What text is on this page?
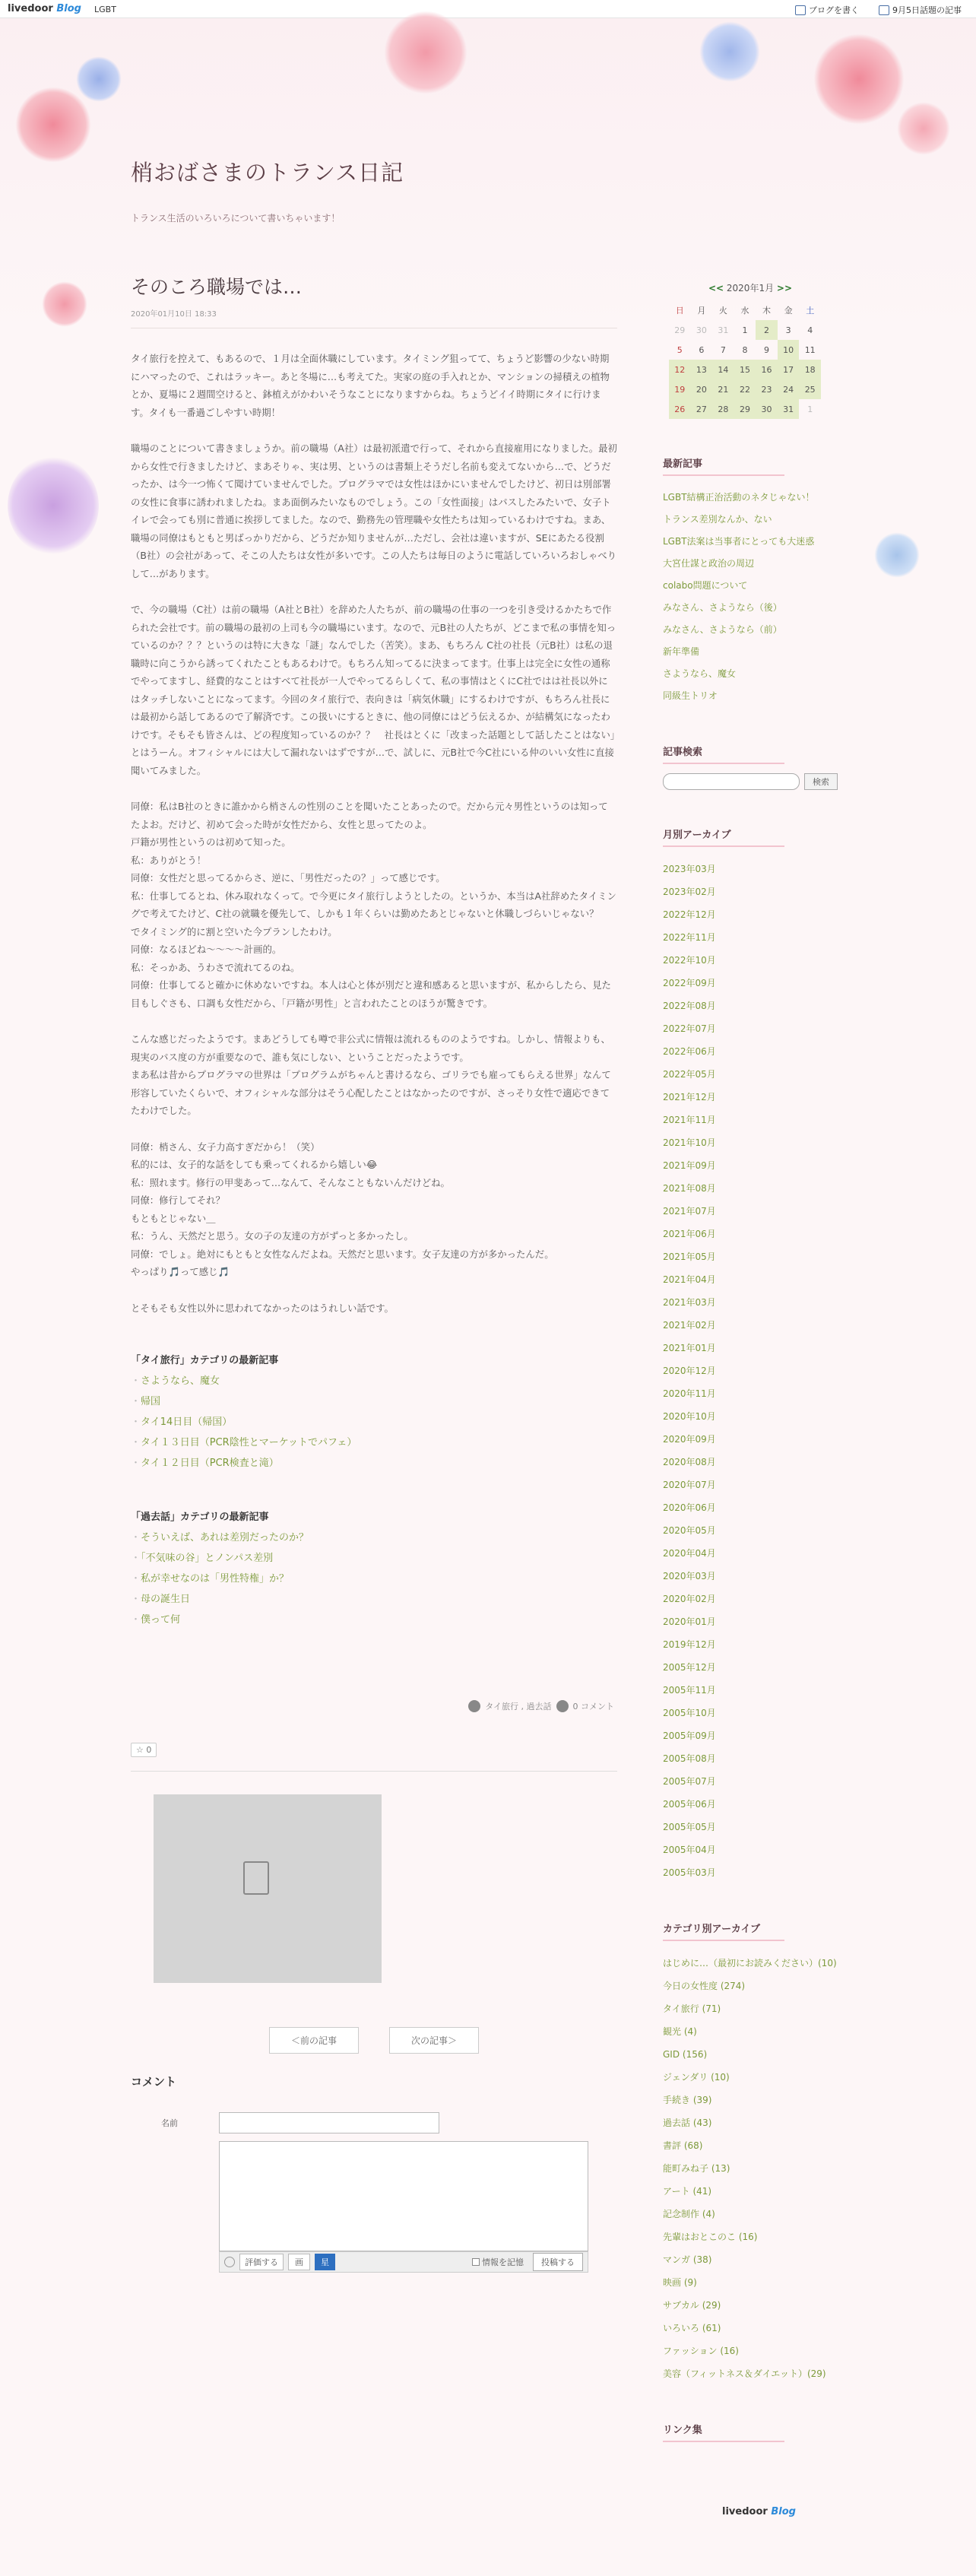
livedoor Blog LGBT	ブログを書く	9月5日話題の記事
梢おばさまのトランス日記
トランス生活のいろいろについて書いちゃいます！
そのころ職場では…
2020年01月10日 18:33

タイ旅行を控えて、もあるので、１月は全面休職にしています。タイミング狙ってて、ちょうど影響の少ない時期にハマったので、これはラッキー。あと冬場に…も考えてた。実家の庭の手入れとか、マンションの掃積えの植物とか、夏場に２週間空けると、鉢植えがかわいそうなことになりますからね。ちょうどイイ時期にタイに行けます。タイも一番過ごしやすい時期！

職場のことについて書きましょうか。前の職場（A社）は最初派遣で行って、それから直接雇用になりました。最初から女性で行きましたけど、まあそりゃ、実は男、というのは書類上そうだし名前も変えてないから…で、どうだったか、は今一つ怖くて聞けていませんでした。プログラマでは女性はほかにいませんでしたけど、初日は別部署の女性に食事に誘われましたね。まあ面倒みたいなものでしょう。この「女性面接」はパスしたみたいで、女子トイレで会っても別に普通に挨拶してました。なので、勤務先の管理職や女性たちは知っているわけですね。まあ、職場の同僚はもともと男ばっかりだから、どうだか知りませんが…ただし、会社は違いますが、SEにあたる役割（B社）の会社があって、そこの人たちは女性が多いです。この人たちは毎日のように電話していろいろおしゃべりして…があります。

で、今の職場（C社）は前の職場（A社とB社）を辞めた人たちが、前の職場の仕事の一つを引き受けるかたちで作られた会社です。前の職場の最初の上司も今の職場にいます。なので、元B社の人たちが、どこまで私の事情を知っているのか？？？というのは特に大きな「謎」なんでした（苦笑）。まあ、もちろん C社の社長（元B社）は私の退職時に向こうから誘ってくれたこともあるわけで。もちろん知ってるに決まってます。仕事上は完全に女性の通称でやってますし、経費的なことはすべて社長が一人でやってるらしくて、私の事情はとくにC社ではは社長以外にはタッチしないことになってます。今回のタイ旅行で、表向きは「病気休職」にするわけですが、もちろん社長には最初から話してあるので了解済です。この扱いにするときに、他の同僚にはどう伝えるか、が結構気になったわけです。そもそも皆さんは、どの程度知っているのか？？　社長はとくに「改まった話題として話したことはない」とはうーん。オフィシャルには大して漏れないはずですが…で、試しに、元B社で今C社にいる仲のいい女性に直接聞いてみました。

同僚：私はB社のときに誰かから梢さんの性別のことを聞いたことあったので。だから元々男性というのは知ってたよお。だけど、初めて会った時が女性だから、女性と思ってたのよ。
戸籍が男性というのは初めて知った。
私：ありがとう！
同僚：女性だと思ってるからさ、逆に、「男性だったの？」って感じです。
私：仕事してるとね、休み取れなくって。で今更にタイ旅行しようとしたの。というか、本当はA社辞めたタイミングで考えてたけど、C社の就職を優先して、しかも１年くらいは勤めたあとじゃないと休職しづらいじゃない？
でタイミング的に割と空いた今プランしたわけ。
同僚：なるほどね〜〜〜〜計画的。
私：そっかあ、うわさで流れてるのね。
同僚：仕事してると確かに休めないですね。本人は心と体が別だと違和感あると思いますが、私からしたら、見た目もしぐさも、口調も女性だから、「戸籍が男性」と言われたことのほうが驚きです。

こんな感じだったようです。まあどうしても噂で非公式に情報は流れるもののようですね。しかし、情報よりも、現実のパス度の方が重要なので、誰も気にしない、ということだったようです。
まあ私は昔からプログラマの世界は「プログラムがちゃんと書けるなら、ゴリラでも雇ってもらえる世界」なんて形容していたくらいで、オフィシャルな部分はそう心配したことはなかったのですが、さっそり女性で適応できてたわけでした。

同僚：梢さん、女子力高すぎだから！（笑）
私的には、女子的な話をしても乗ってくれるから嬉しい😂
私：照れます。修行の甲斐あって…なんて、そんなこともないんだけどね。
同僚：修行してそれ？
もともとじゃない＿
私：うん、天然だと思う。女の子の友達の方がずっと多かったし。
同僚：でしょ。絶対にもともと女性なんだよね。天然だと思います。女子友達の方が多かったんだ。
やっぱり🎵って感じ🎵

とそもそも女性以外に思われてなかったのはうれしい話です。

「タイ旅行」カテゴリの最新記事
・ さようなら、魔女
・ 帰国
・ タイ14日目（帰国）
・ タイ１３日目（PCR陰性とマーケットでパフェ）
・ タイ１２日目（PCR検査と滝）
「過去話」カテゴリの最新記事
・ そういえば、あれは差別だったのか？
・ 「不気味の谷」とノンパス差別
・ 私が幸せなのは「男性特権」か？
・ 母の誕生日
・ 僕って何
タイ旅行 , 過去話	0 コメント
☆ 0
＜前の記事	次の記事＞
コメント
名前
評価する	画	星	情報を記憶	投稿する
<< 2020年1月 >>
日	月	火	水	木	金	土
29	30	31	1	2	3	4
5	6	7	8	9	10	11
12	13	14	15	16	17	18
19	20	21	22	23	24	25
26	27	28	29	30	31	1
最新記事
LGBT結構正治活動のネタじゃない！
トランス差別なんか、ない
LGBT法案は当事者にとっても大迷惑
大宮仕謀と政治の周辺
colabo問題について
みなさん、さようなら（後）
みなさん、さようなら（前）
新年準備
さようなら、魔女
同級生トリオ
記事検索
検索
月別アーカイブ
2023年03月
2023年02月
2022年12月
2022年11月
2022年10月
2022年09月
2022年08月
2022年07月
2022年06月
2022年05月
2021年12月
2021年11月
2021年10月
2021年09月
2021年08月
2021年07月
2021年06月
2021年05月
2021年04月
2021年03月
2021年02月
2021年01月
2020年12月
2020年11月
2020年10月
2020年09月
2020年08月
2020年07月
2020年06月
2020年05月
2020年04月
2020年03月
2020年02月
2020年01月
2019年12月
2005年12月
2005年11月
2005年10月
2005年09月
2005年08月
2005年07月
2005年06月
2005年05月
2005年04月
2005年03月
カテゴリ別アーカイブ
はじめに…（最初にお読みください）(10)
今日の女性度 (274)
タイ旅行 (71)
観光 (4)
GID (156)
ジェンダリ (10)
手続き (39)
過去話 (43)
書評 (68)
能町みね子 (13)
アート (41)
記念制作 (4)
先輩はおとこのこ (16)
マンガ (38)
映画 (9)
サブカル (29)
いろいろ (61)
ファッション (16)
美容（フィットネス＆ダイエット）(29)
リンク集
livedoor Blog
